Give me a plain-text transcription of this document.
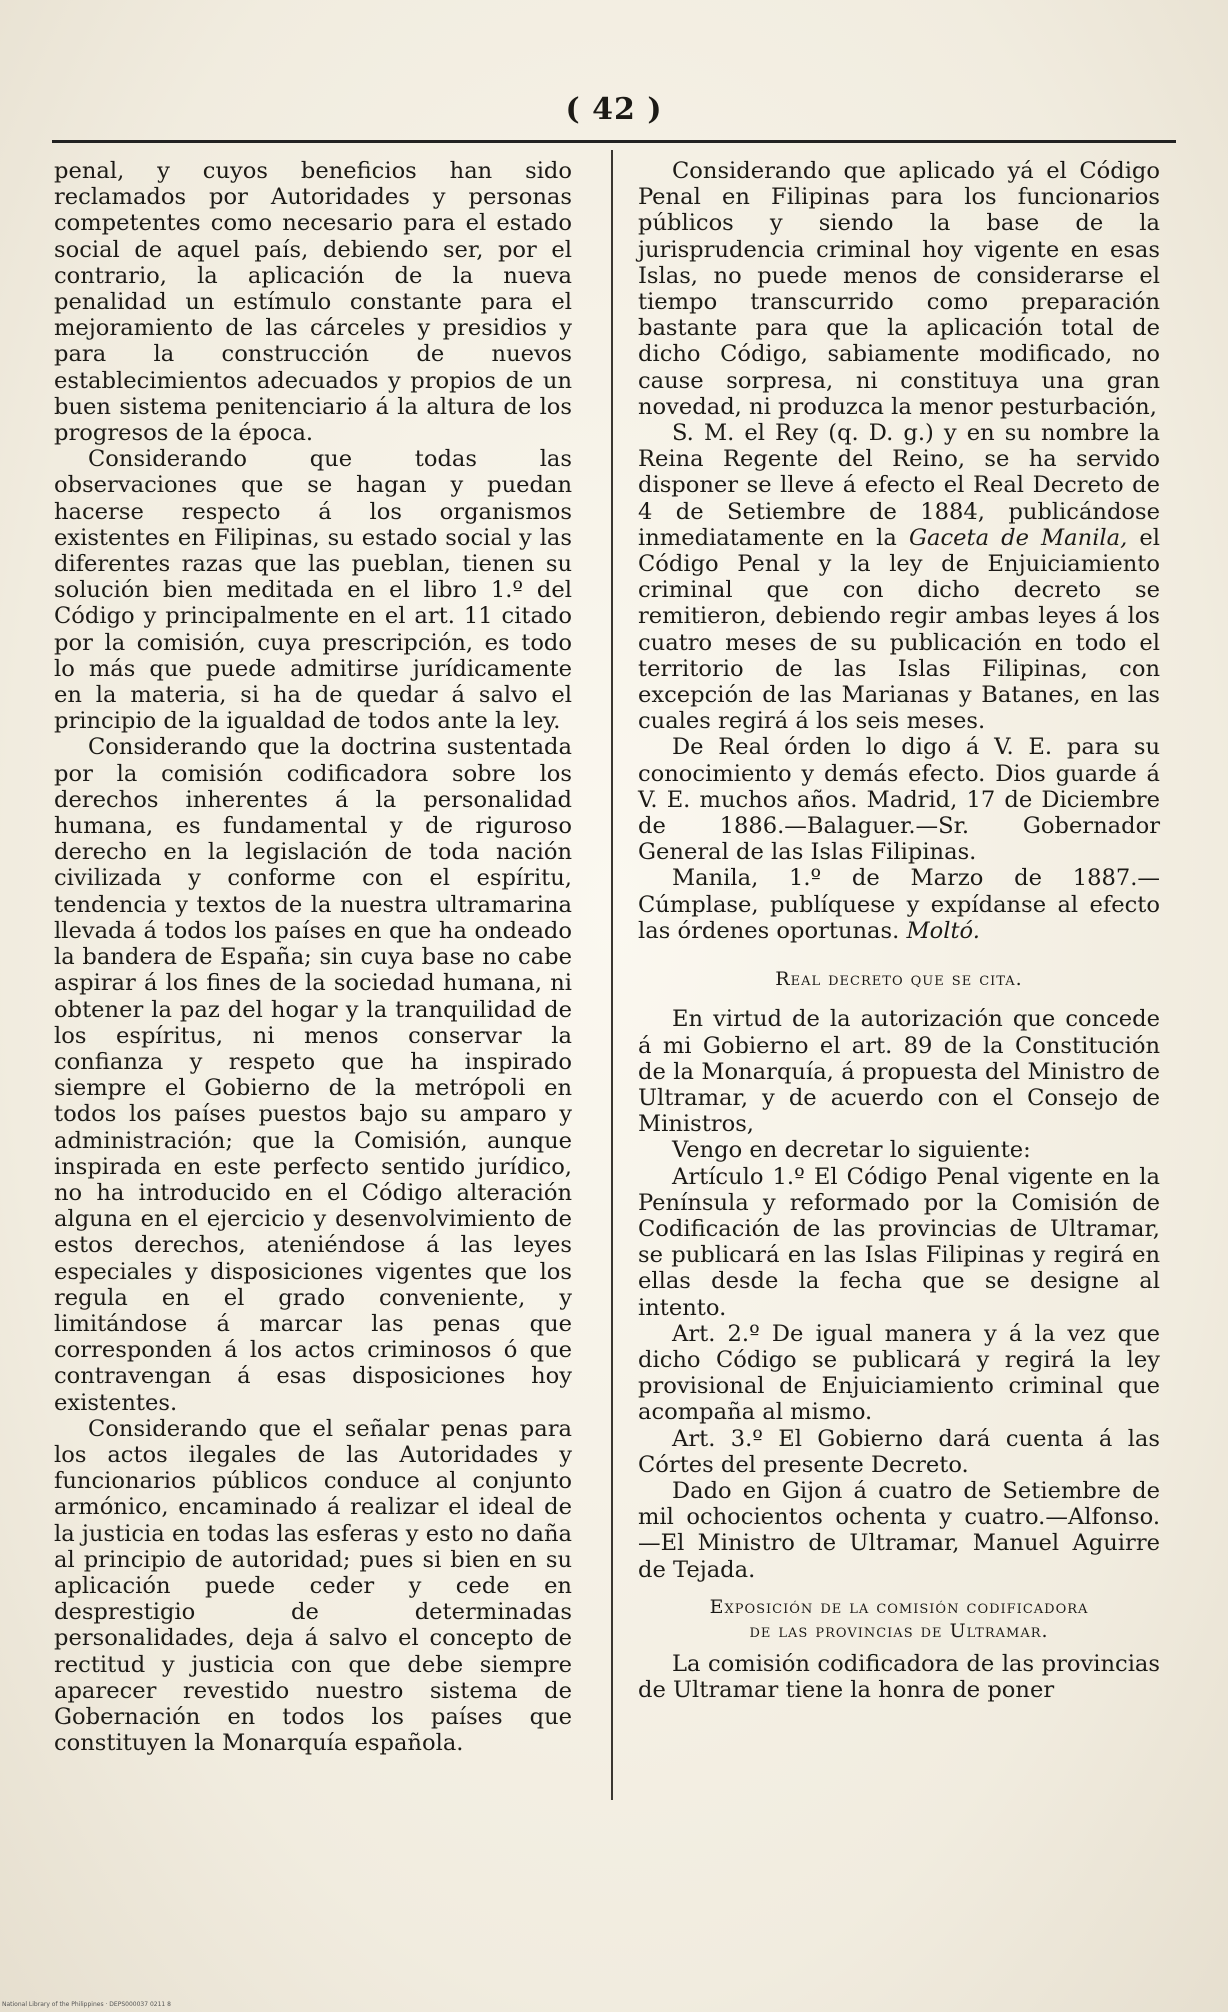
( 42 )

penal, y cuyos beneficios han sido reclamados por Autoridades y personas competentes como necesario para el estado social de aquel país, debiendo ser, por el contrario, la aplicación de la nueva penalidad un estímulo constante para el mejoramiento de las cárceles y presidios y para la construcción de nuevos establecimientos adecuados y propios de un buen sistema penitenciario á la altura de los progresos de la época.

Considerando que todas las observaciones que se hagan y puedan hacerse respecto á los organismos existentes en Filipinas, su estado social y las diferentes razas que las pueblan, tienen su solución bien meditada en el libro 1.º del Código y principalmente en el art. 11 citado por la comisión, cuya prescripción, es todo lo más que puede admitirse jurídicamente en la materia, si ha de quedar á salvo el principio de la igualdad de todos ante la ley.

Considerando que la doctrina sustentada por la comisión codificadora sobre los derechos inherentes á la personalidad humana, es fundamental y de riguroso derecho en la legislación de toda nación civilizada y conforme con el espíritu, tendencia y textos de la nuestra ultramarina llevada á todos los países en que ha ondeado la bandera de España; sin cuya base no cabe aspirar á los fines de la sociedad humana, ni obtener la paz del hogar y la tranquilidad de los espíritus, ni menos conservar la confianza y respeto que ha inspirado siempre el Gobierno de la metrópoli en todos los países puestos bajo su amparo y administración; que la Comisión, aunque inspirada en este perfecto sentido jurídico, no ha introducido en el Código alteración alguna en el ejercicio y desenvolvimiento de estos derechos, ateniéndose á las leyes especiales y disposiciones vigentes que los regula en el grado conveniente, y limitándose á marcar las penas que corresponden á los actos criminosos ó que contravengan á esas disposiciones hoy existentes.

Considerando que el señalar penas para los actos ilegales de las Autoridades y funcionarios públicos conduce al conjunto armónico, encaminado á realizar el ideal de la justicia en todas las esferas y esto no daña al principio de autoridad; pues si bien en su aplicación puede ceder y cede en desprestigio de determinadas personalidades, deja á salvo el concepto de rectitud y justicia con que debe siempre aparecer revestido nuestro sistema de Gobernación en todos los países que constituyen la Monarquía española.

Considerando que aplicado yá el Código Penal en Filipinas para los funcionarios públicos y siendo la base de la jurisprudencia criminal hoy vigente en esas Islas, no puede menos de considerarse el tiempo transcurrido como preparación bastante para que la aplicación total de dicho Código, sabiamente modificado, no cause sorpresa, ni constituya una gran novedad, ni produzca la menor pesturbación,

S. M. el Rey (q. D. g.) y en su nombre la Reina Regente del Reino, se ha servido disponer se lleve á efecto el Real Decreto de 4 de Setiembre de 1884, publicándose inmediatamente en la Gaceta de Manila, el Código Penal y la ley de Enjuiciamiento criminal que con dicho decreto se remitieron, debiendo regir ambas leyes á los cuatro meses de su publicación en todo el territorio de las Islas Filipinas, con excepción de las Marianas y Batanes, en las cuales regirá á los seis meses.

De Real órden lo digo á V. E. para su conocimiento y demás efecto. Dios guarde á V. E. muchos años. Madrid, 17 de Diciembre de 1886.—Balaguer.—Sr. Gobernador General de las Islas Filipinas.

Manila, 1.º de Marzo de 1887.—Cúmplase, publíquese y expídanse al efecto las órdenes oportunas. Moltó.

Real decreto que se cita.

En virtud de la autorización que concede á mi Gobierno el art. 89 de la Constitución de la Monarquía, á propuesta del Ministro de Ultramar, y de acuerdo con el Consejo de Ministros,

Vengo en decretar lo siguiente:

Artículo 1.º El Código Penal vigente en la Península y reformado por la Comisión de Codificación de las provincias de Ultramar, se publicará en las Islas Filipinas y regirá en ellas desde la fecha que se designe al intento.

Art. 2.º De igual manera y á la vez que dicho Código se publicará y regirá la ley provisional de Enjuiciamiento criminal que acompaña al mismo.

Art. 3.º El Gobierno dará cuenta á las Córtes del presente Decreto.

Dado en Gijon á cuatro de Setiembre de mil ochocientos ochenta y cuatro.—Alfonso.—El Ministro de Ultramar, Manuel Aguirre de Tejada.

Exposición de la comisión codificadora
de las provincias de Ultramar.

La comisión codificadora de las provincias de Ultramar tiene la honra de poner

National Library of the Philippines · DEPS000037 0211 8
